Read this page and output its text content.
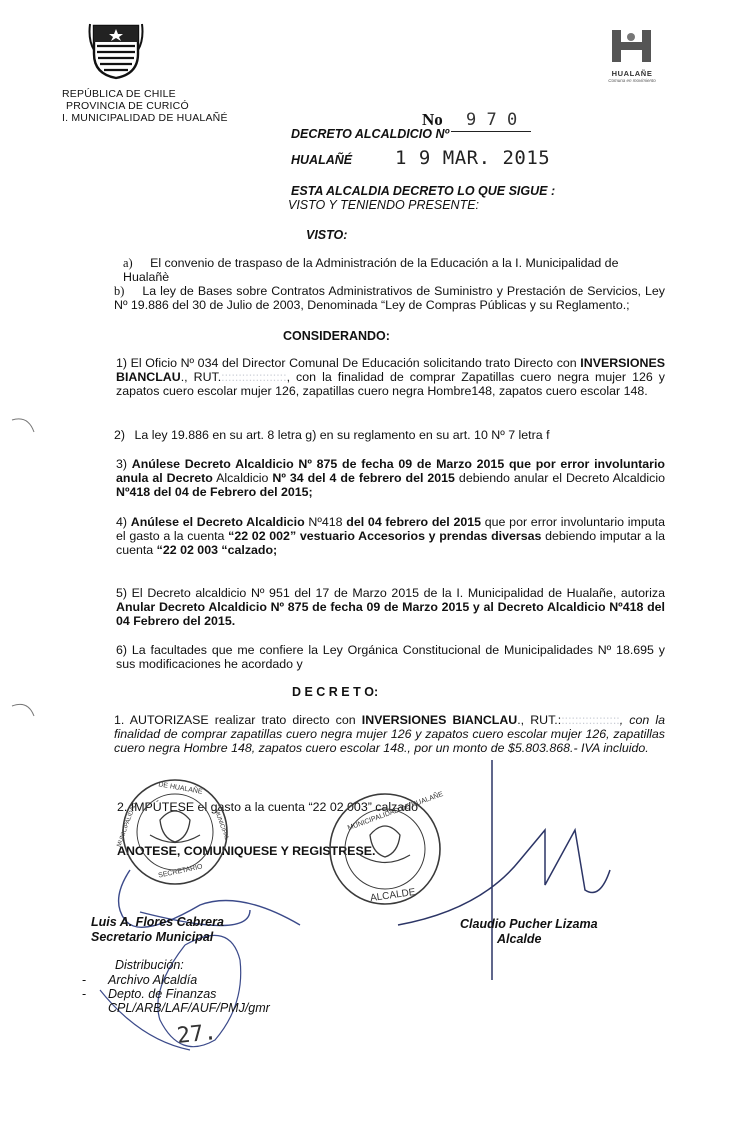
REPÚBLICA DE CHILE
PROVINCIA DE CURICÓ
I. MUNICIPALIDAD DE HUALAÑÉ
HUALAÑE
Comuna en movimiento
DECRETO ALCALDICIO Nº
No 9 7 0
HUALAÑÉ 1 9 MAR. 2015
ESTA ALCALDIA DECRETO LO QUE SIGUE :
VISTO Y TENIENDO PRESENTE:
VISTO:
a) El convenio de traspaso de la Administración de la Educación a la I. Municipalidad de Hualañè
b) La ley de Bases sobre Contratos Administrativos de Suministro y Prestación de Servicios, Ley Nº 19.886 del 30 de Julio de 2003, Denominada “Ley de Compras Públicas y su Reglamento.;
CONSIDERANDO:
1) El Oficio Nº 034 del Director Comunal De Educación solicitando trato Directo con INVERSIONES BIANCLAU., RUT.:::::::::::::::::::, con la finalidad de comprar Zapatillas cuero negra mujer 126 y zapatos cuero escolar mujer 126, zapatillas cuero negra Hombre148, zapatos cuero escolar 148.
2) La ley 19.886 en su art. 8 letra g) en su reglamento en su art. 10 Nº 7 letra f
3) Anúlese Decreto Alcaldicio Nº 875 de fecha 09 de Marzo 2015 que por error involuntario anula al Decreto Alcaldicio Nº 34 del 4 de febrero del 2015 debiendo anular el Decreto Alcaldicio Nº418 del 04 de Febrero del 2015;
4) Anúlese el Decreto Alcaldicio Nº418 del 04 febrero del 2015 que por error involuntario imputa el gasto a la cuenta “22 02 002” vestuario Accesorios y prendas diversas debiendo imputar a la cuenta “22 02 003 “calzado;
5) El Decreto alcaldicio Nº 951 del 17 de Marzo 2015 de la I. Municipalidad de Hualañe, autoriza Anular Decreto Alcaldicio Nº 875 de fecha 09 de Marzo 2015 y al Decreto Alcaldicio Nº418 del 04 Febrero del 2015.
6) La facultades que me confiere la Ley Orgánica Constitucional de Municipalidades Nº 18.695 y sus modificaciones he acordado y
D E C R E T O:
1. AUTORIZASE realizar trato directo con INVERSIONES BIANCLAU., RUT.::::::::::::::::::, con la finalidad de comprar zapatillas cuero negra mujer 126 y zapatos cuero escolar mujer 126, zapatillas cuero negra Hombre 148, zapatos cuero escolar 148., por un monto de $5.803.868.- IVA incluido.
2. IMPÚTESE el gasto a la cuenta “22 02 003” calzado
ANOTESE, COMUNIQUESE Y REGISTRESE.
DE HUALAÑE
MUNICIPALIDAD	MUNICIPAL
SECRETARIO
MUNICIPALIDAD DE HUALAÑE
ALCALDE
Luis A. Flores Cabrera
Secretario Municipal
Claudio Pucher Lizama
Alcalde
Distribución:
- Archivo Alcaldía
- Depto. de Finanzas
CPL/ARB/LAF/AUF/PMJ/gmr
27.
